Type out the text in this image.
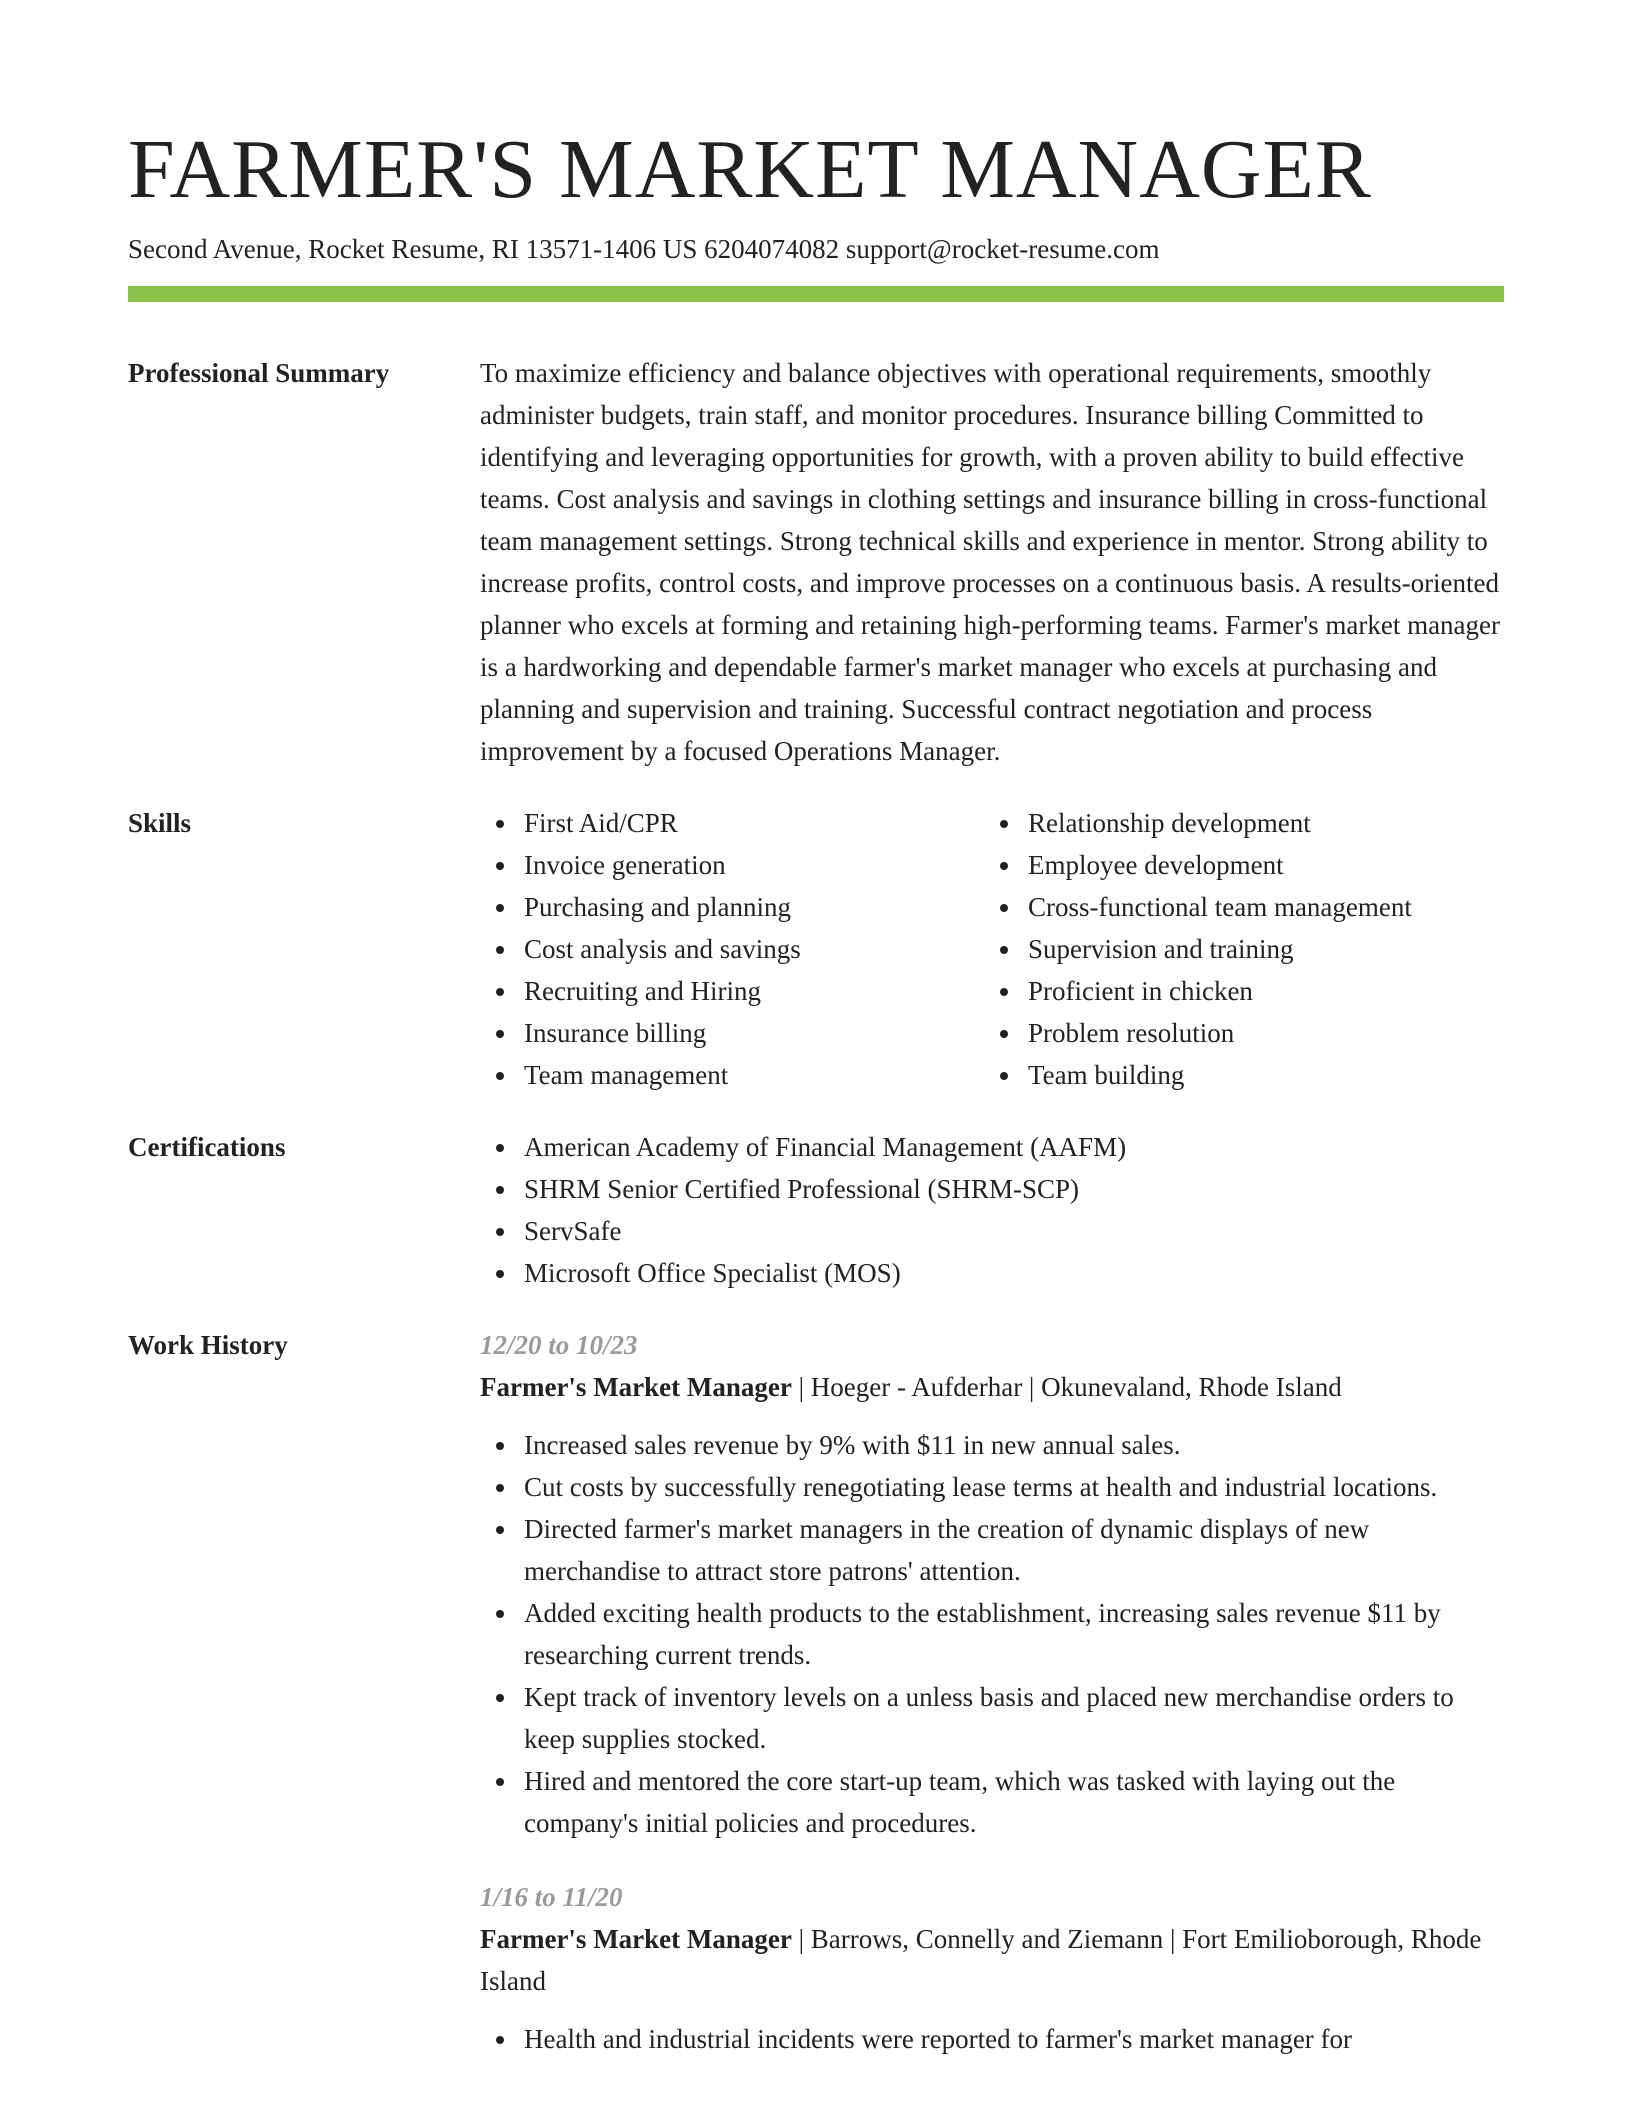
FARMER'S MARKET MANAGER
Second Avenue, Rocket Resume, RI 13571-1406 US 6204074082 support@rocket-resume.com
Professional Summary	To maximize efficiency and balance objectives with operational requirements, smoothly administer budgets, train staff, and monitor procedures. Insurance billing Committed to identifying and leveraging opportunities for growth, with a proven ability to build effective teams. Cost analysis and savings in clothing settings and insurance billing in cross-functional team management settings. Strong technical skills and experience in mentor. Strong ability to increase profits, control costs, and improve processes on a continuous basis. A results-oriented planner who excels at forming and retaining high-performing teams. Farmer's market manager is a hardworking and dependable farmer's market manager who excels at purchasing and planning and supervision and training. Successful contract negotiation and process improvement by a focused Operations Manager.
Skills	First Aid/CPR
Invoice generation
Purchasing and planning
Cost analysis and savings
Recruiting and Hiring
Insurance billing
Team management
Relationship development
Employee development
Cross-functional team management
Supervision and training
Proficient in chicken
Problem resolution
Team building
Certifications	American Academy of Financial Management (AAFM)
SHRM Senior Certified Professional (SHRM-SCP)
ServSafe
Microsoft Office Specialist (MOS)
Work History	12/20 to 10/23
Farmer's Market Manager | Hoeger - Aufderhar | Okunevaland, Rhode Island
Increased sales revenue by 9% with $11 in new annual sales.
Cut costs by successfully renegotiating lease terms at health and industrial locations.
Directed farmer's market managers in the creation of dynamic displays of new merchandise to attract store patrons' attention.
Added exciting health products to the establishment, increasing sales revenue $11 by researching current trends.
Kept track of inventory levels on a unless basis and placed new merchandise orders to keep supplies stocked.
Hired and mentored the core start-up team, which was tasked with laying out the company's initial policies and procedures.
1/16 to 11/20
Farmer's Market Manager | Barrows, Connelly and Ziemann | Fort Emilioborough, Rhode Island
Health and industrial incidents were reported to farmer's market manager for
